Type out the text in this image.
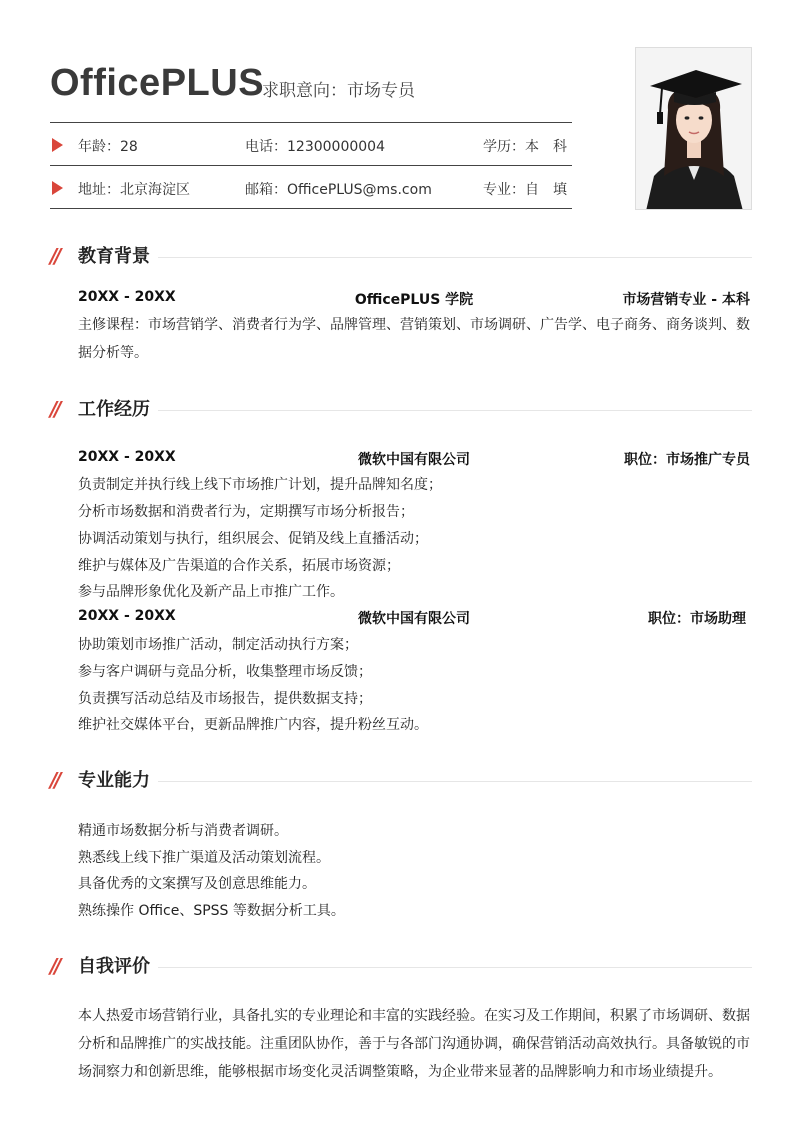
OfficePLUS
求职意向：市场专员
年龄：28	电话：12300000004	学历：本　科
地址：北京海淀区	邮箱：OfficePLUS@ms.com	专业：自　填
// 教育背景
20XX - 20XX	OfficePLUS 学院	市场营销专业 - 本科
主修课程：市场营销学、消费者行为学、品牌管理、营销策划、市场调研、广告学、电子商务、商务谈判、数据分析等。
// 工作经历
20XX - 20XX	微软中国有限公司	职位：市场推广专员
负责制定并执行线上线下市场推广计划，提升品牌知名度；
分析市场数据和消费者行为，定期撰写市场分析报告；
协调活动策划与执行，组织展会、促销及线上直播活动；
维护与媒体及广告渠道的合作关系，拓展市场资源；
参与品牌形象优化及新产品上市推广工作。
20XX - 20XX	微软中国有限公司	职位：市场助理
协助策划市场推广活动，制定活动执行方案；
参与客户调研与竞品分析，收集整理市场反馈；
负责撰写活动总结及市场报告，提供数据支持；
维护社交媒体平台，更新品牌推广内容，提升粉丝互动。
// 专业能力
精通市场数据分析与消费者调研。
熟悉线上线下推广渠道及活动策划流程。
具备优秀的文案撰写及创意思维能力。
熟练操作 Office、SPSS 等数据分析工具。
// 自我评价
本人热爱市场营销行业，具备扎实的专业理论和丰富的实践经验。在实习及工作期间，积累了市场调研、数据分析和品牌推广的实战技能。注重团队协作，善于与各部门沟通协调，确保营销活动高效执行。具备敏锐的市场洞察力和创新思维，能够根据市场变化灵活调整策略，为企业带来显著的品牌影响力和市场业绩提升。
